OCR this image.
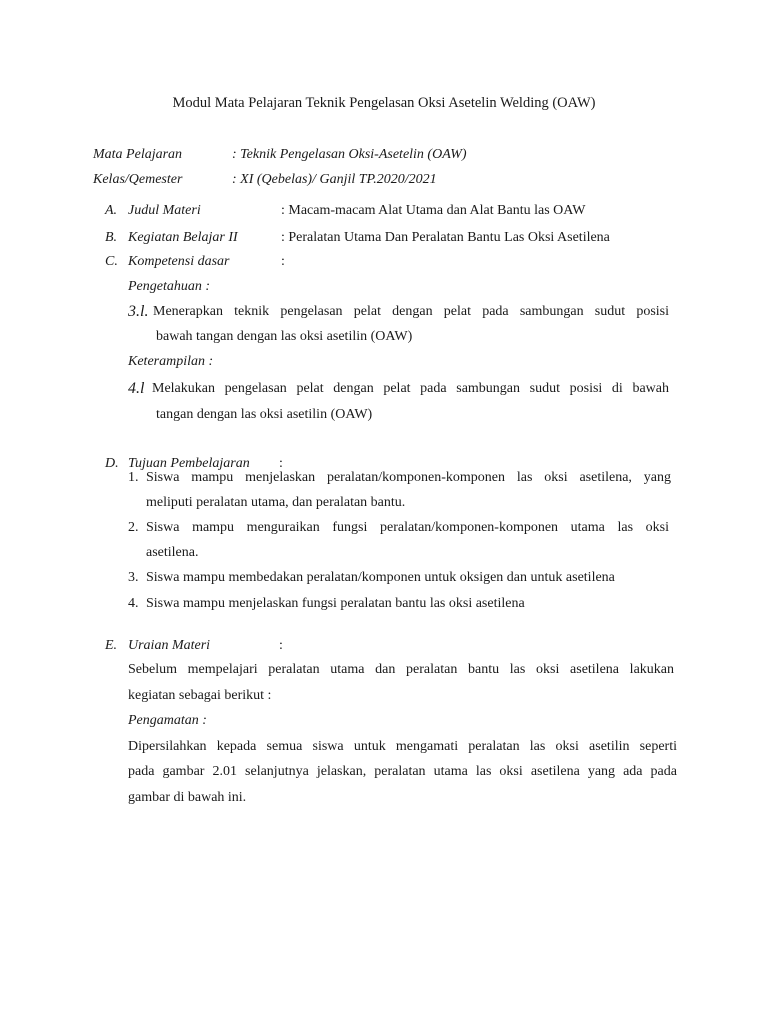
Modul Mata Pelajaran Teknik Pengelasan Oksi Asetelin Welding (OAW)
Mata Pelajaran	: Teknik Pengelasan Oksi-Asetelin (OAW)
Kelas/Qemester	: XI (Qebelas)/ Ganjil TP.2020/2021
A. Judul Materi	: Macam-macam Alat Utama dan Alat Bantu las OAW
B. Kegiatan Belajar II	: Peralatan Utama Dan Peralatan Bantu Las Oksi Asetilena
C. Kompetensi dasar	:
Pengetahuan :
3.l. Menerapkan teknik pengelasan pelat dengan pelat pada sambungan sudut posisi
bawah tangan dengan las oksi asetilin (OAW)
Keterampilan :
4.l Melakukan pengelasan pelat dengan pelat pada sambungan sudut posisi di bawah
tangan dengan las oksi asetilin (OAW)
D. Tujuan Pembelajaran :
1. Siswa mampu menjelaskan peralatan/komponen-komponen las oksi asetilena, yang
meliputi peralatan utama, dan peralatan bantu.
2. Siswa mampu menguraikan fungsi peralatan/komponen-komponen utama las oksi
asetilena.
3. Siswa mampu membedakan peralatan/komponen untuk oksigen dan untuk asetilena
4. Siswa mampu menjelaskan fungsi peralatan bantu las oksi asetilena
E. Uraian Materi	:
Sebelum mempelajari peralatan utama dan peralatan bantu las oksi asetilena lakukan
kegiatan sebagai berikut :
Pengamatan :
Dipersilahkan kepada semua siswa untuk mengamati peralatan las oksi asetilin seperti
pada gambar 2.01 selanjutnya jelaskan, peralatan utama las oksi asetilena yang ada pada
gambar di bawah ini.
